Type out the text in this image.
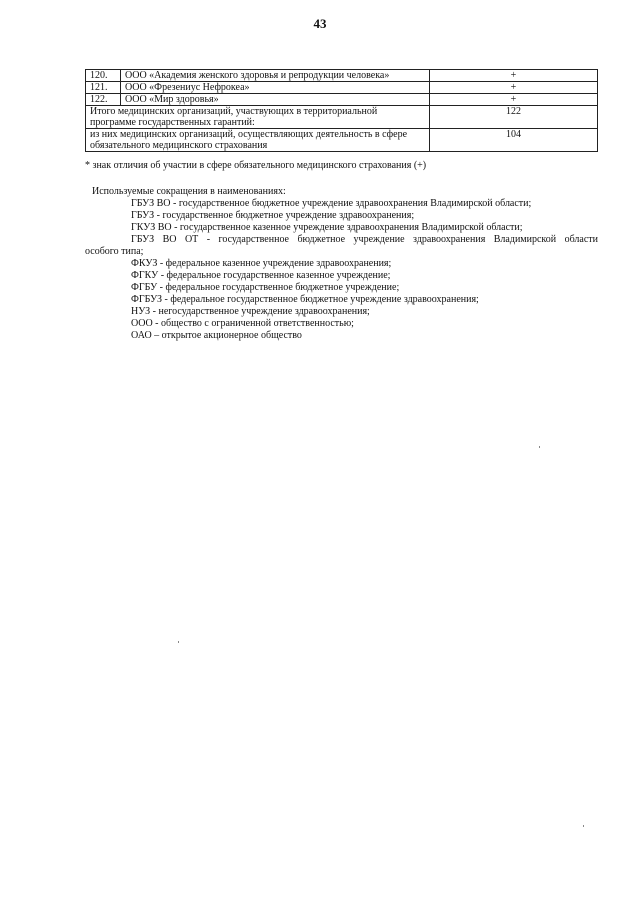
43
120.	ООО «Академия женского здоровья и репродукции человека»	+
121.	ООО «Фрезениус Нефрокеа»	+
122.	ООО «Мир здоровья»	+
Итого медицинских организаций, участвующих в территориальной программе государственных гарантий:		122
из них медицинских организаций, осуществляющих деятельность в сфере обязательного медицинского страхования		104
* знак отличия об участии в сфере обязательного медицинского страхования (+)
Используемые сокращения в наименованиях:
ГБУЗ ВО - государственное бюджетное учреждение здравоохранения Владимирской области;
ГБУЗ - государственное бюджетное учреждение здравоохранения;
ГКУЗ ВО - государственное казенное учреждение здравоохранения Владимирской области;
ГБУЗ ВО ОТ - государственное бюджетное учреждение здравоохранения Владимирской области
особого типа;
ФКУЗ - федеральное казенное учреждение здравоохранения;
ФГКУ - федеральное государственное казенное учреждение;
ФГБУ - федеральное государственное бюджетное учреждение;
ФГБУЗ - федеральное государственное бюджетное учреждение здравоохранения;
НУЗ - негосударственное учреждение здравоохранения;
ООО - общество с ограниченной ответственностью;
ОАО – открытое акционерное общество
